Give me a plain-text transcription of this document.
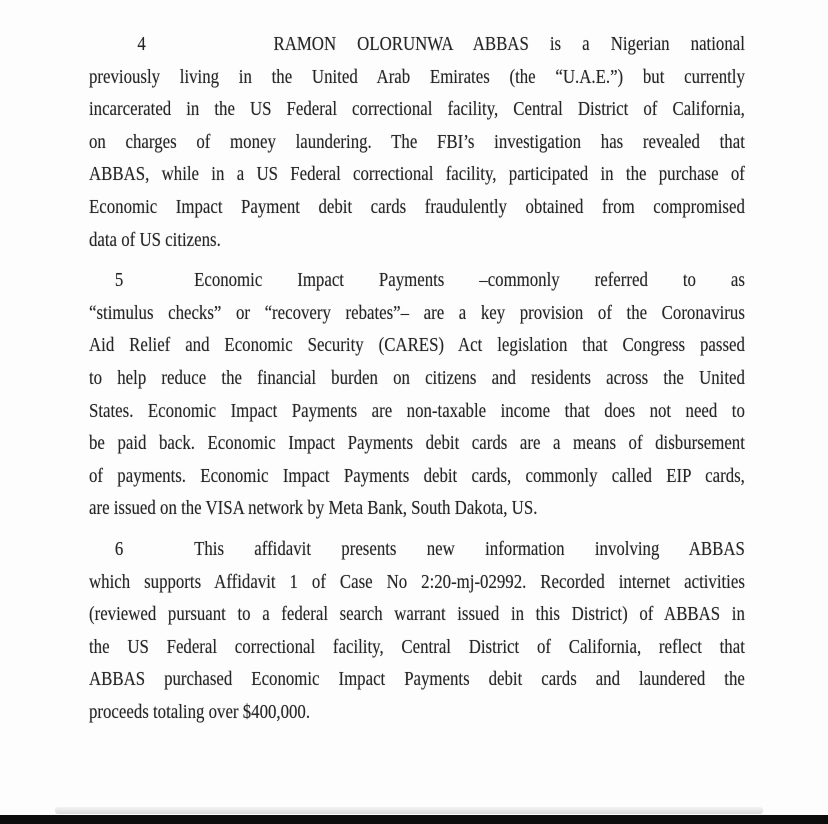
4	RAMON OLORUNWA ABBAS is a Nigerian national
previously living in the United Arab Emirates (the “U.A.E.”) but currently
incarcerated in the US Federal correctional facility, Central District of California,
on charges of money laundering. The FBI’s investigation has revealed that
ABBAS, while in a US Federal correctional facility, participated in the purchase of
Economic Impact Payment debit cards fraudulently obtained from compromised
data of US citizens.
5	Economic Impact Payments –commonly referred to as
“stimulus checks” or “recovery rebates”– are a key provision of the Coronavirus
Aid Relief and Economic Security (CARES) Act legislation that Congress passed
to help reduce the financial burden on citizens and residents across the United
States. Economic Impact Payments are non-taxable income that does not need to
be paid back. Economic Impact Payments debit cards are a means of disbursement
of payments. Economic Impact Payments debit cards, commonly called EIP cards,
are issued on the VISA network by Meta Bank, South Dakota, US.
6	This affidavit presents new information involving ABBAS
which supports Affidavit 1 of Case No 2:20-mj-02992. Recorded internet activities
(reviewed pursuant to a federal search warrant issued in this District) of ABBAS in
the US Federal correctional facility, Central District of California, reflect that
ABBAS purchased Economic Impact Payments debit cards and laundered the
proceeds totaling over $400,000.
